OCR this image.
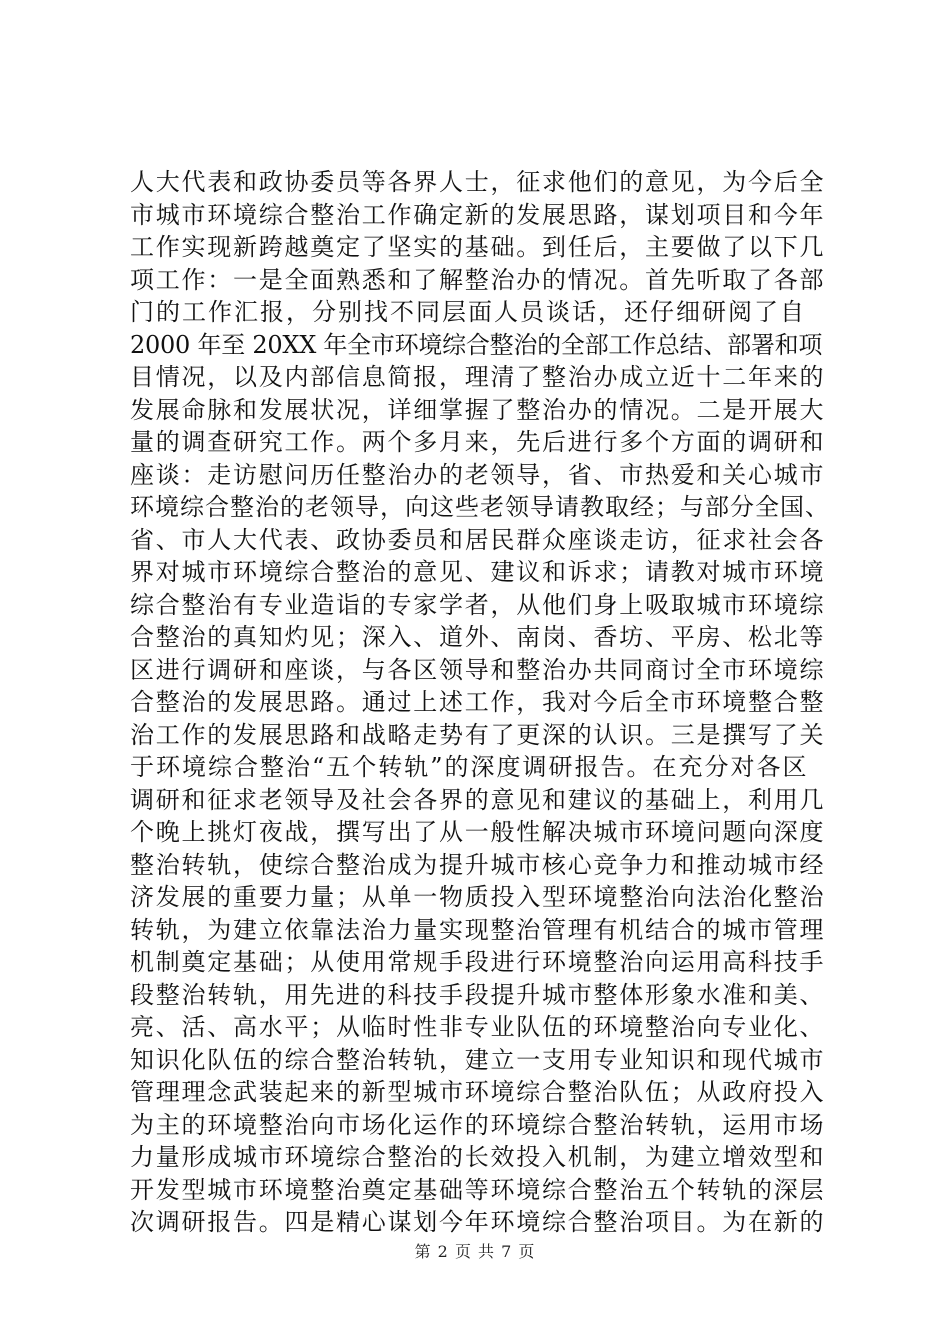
人大代表和政协委员等各界人士，征求他们的意见，为今后全
市城市环境综合整治工作确定新的发展思路，谋划项目和今年
工作实现新跨越奠定了坚实的基础。到任后，主要做了以下几
项工作：一是全面熟悉和了解整治办的情况。首先听取了各部
门的工作汇报，分别找不同层面人员谈话，还仔细研阅了自
2000 年至 20XX 年全市环境综合整治的全部工作总结、部署和项
目情况，以及内部信息简报，理清了整治办成立近十二年来的
发展命脉和发展状况，详细掌握了整治办的情况。二是开展大
量的调查研究工作。两个多月来，先后进行多个方面的调研和
座谈：走访慰问历任整治办的老领导，省、市热爱和关心城市
环境综合整治的老领导，向这些老领导请教取经；与部分全国、
省、市人大代表、政协委员和居民群众座谈走访，征求社会各
界对城市环境综合整治的意见、建议和诉求；请教对城市环境
综合整治有专业造诣的专家学者，从他们身上吸取城市环境综
合整治的真知灼见；深入、道外、南岗、香坊、平房、松北等
区进行调研和座谈，与各区领导和整治办共同商讨全市环境综
合整治的发展思路。通过上述工作，我对今后全市环境整合整
治工作的发展思路和战略走势有了更深的认识。三是撰写了关
于环境综合整治“五个转轨”的深度调研报告。在充分对各区
调研和征求老领导及社会各界的意见和建议的基础上，利用几
个晚上挑灯夜战，撰写出了从一般性解决城市环境问题向深度
整治转轨，使综合整治成为提升城市核心竞争力和推动城市经
济发展的重要力量；从单一物质投入型环境整治向法治化整治
转轨，为建立依靠法治力量实现整治管理有机结合的城市管理
机制奠定基础；从使用常规手段进行环境整治向运用高科技手
段整治转轨，用先进的科技手段提升城市整体形象水准和美、
亮、活、高水平；从临时性非专业队伍的环境整治向专业化、
知识化队伍的综合整治转轨，建立一支用专业知识和现代城市
管理理念武装起来的新型城市环境综合整治队伍；从政府投入
为主的环境整治向市场化运作的环境综合整治转轨，运用市场
力量形成城市环境综合整治的长效投入机制，为建立增效型和
开发型城市环境整治奠定基础等环境综合整治五个转轨的深层
次调研报告。四是精心谋划今年环境综合整治项目。为在新的
第 2 页 共 7 页
